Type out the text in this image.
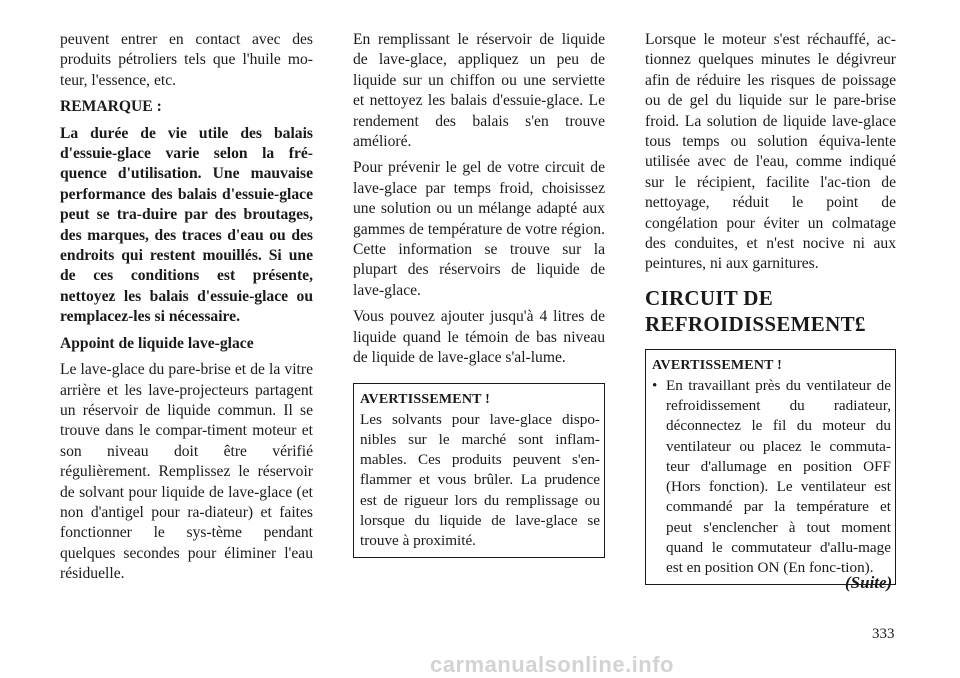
peuvent entrer en contact avec des produits pétroliers tels que l'huile mo-teur, l'essence, etc.

REMARQUE :

La durée de vie utile des balais d'essuie-glace varie selon la fré-quence d'utilisation. Une mauvaise performance des balais d'essuie-glace peut se tra-duire par des broutages, des marques, des traces d'eau ou des endroits qui restent mouillés. Si une de ces conditions est présente, nettoyez les balais d'essuie-glace ou remplacez-les si nécessaire.

Appoint de liquide lave-glace

Le lave-glace du pare-brise et de la vitre arrière et les lave-projecteurs partagent un réservoir de liquide commun. Il se trouve dans le compar-timent moteur et son niveau doit être vérifié régulièrement. Remplissez le réservoir de solvant pour liquide de lave-glace (et non d'antigel pour ra-diateur) et faites fonctionner le sys-tème pendant quelques secondes pour éliminer l'eau résiduelle.

En remplissant le réservoir de liquide de lave-glace, appliquez un peu de liquide sur un chiffon ou une serviette et nettoyez les balais d'essuie-glace. Le rendement des balais s'en trouve amélioré.

Pour prévenir le gel de votre circuit de lave-glace par temps froid, choisissez une solution ou un mélange adapté aux gammes de température de votre région. Cette information se trouve sur la plupart des réservoirs de liquide de lave-glace.

Vous pouvez ajouter jusqu'à 4 litres de liquide quand le témoin de bas niveau de liquide de lave-glace s'al-lume.

AVERTISSEMENT !
Les solvants pour lave-glace dispo-nibles sur le marché sont inflam-mables. Ces produits peuvent s'en-flammer et vous brûler. La prudence est de rigueur lors du remplissage ou lorsque du liquide de lave-glace se trouve à proximité.

Lorsque le moteur s'est réchauffé, ac-tionnez quelques minutes le dégivreur afin de réduire les risques de poissage ou de gel du liquide sur le pare-brise froid. La solution de liquide lave-glace tous temps ou solution équiva-lente utilisée avec de l'eau, comme indiqué sur le récipient, facilite l'ac-tion de nettoyage, réduit le point de congélation pour éviter un colmatage des conduites, et n'est nocive ni aux peintures, ni aux garnitures.

CIRCUIT DE REFROIDISSEMENT£
AVERTISSEMENT !
• En travaillant près du ventilateur de refroidissement du radiateur, déconnectez le fil du moteur du ventilateur ou placez le commuta-teur d'allumage en position OFF (Hors fonction). Le ventilateur est commandé par la température et peut s'enclencher à tout moment quand le commutateur d'allu-mage est en position ON (En fonc-tion).
(Suite)
333
carmanualsonline.info
